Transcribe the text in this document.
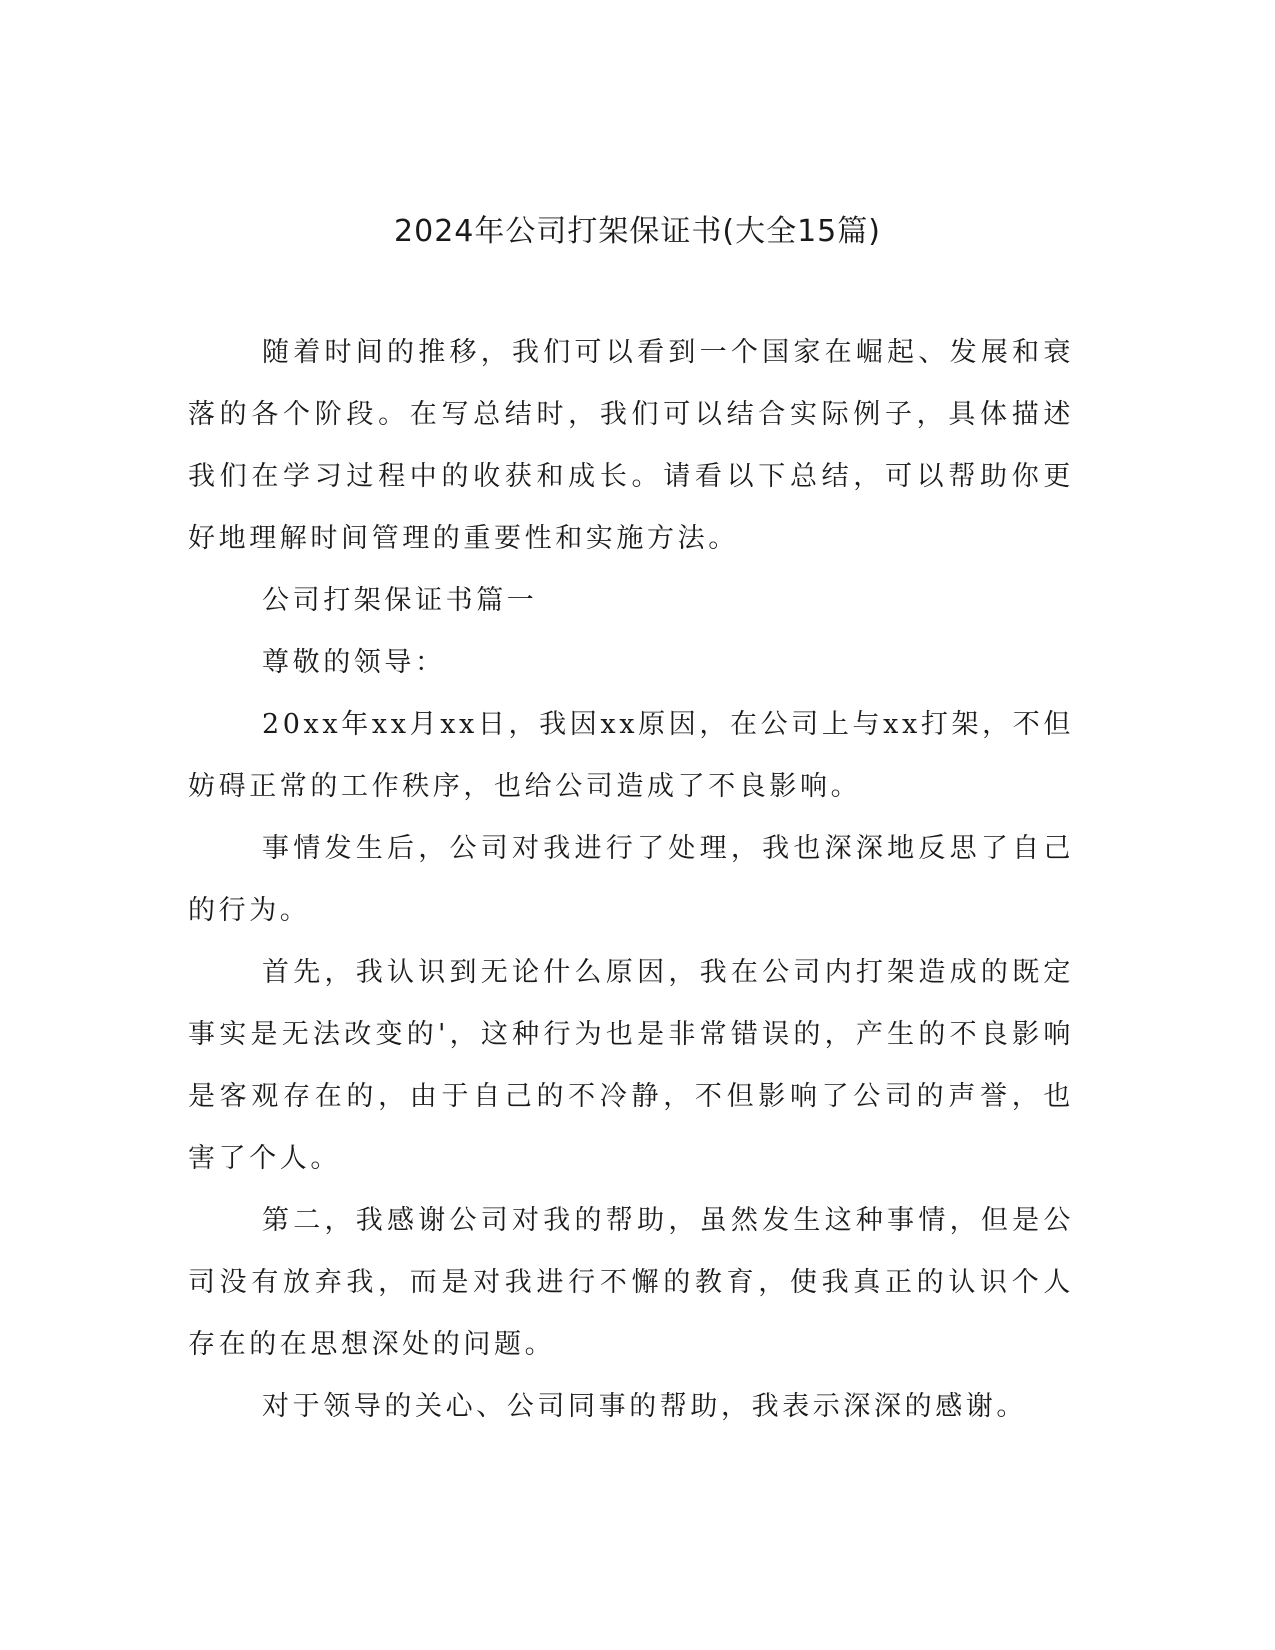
2024年公司打架保证书(大全15篇)

随着时间的推移，我们可以看到一个国家在崛起、发展和衰落的各个阶段。在写总结时，我们可以结合实际例子，具体描述我们在学习过程中的收获和成长。请看以下总结，可以帮助你更好地理解时间管理的重要性和实施方法。

公司打架保证书篇一

尊敬的领导：

20xx年xx月xx日，我因xx原因，在公司上与xx打架，不但妨碍正常的工作秩序，也给公司造成了不良影响。

事情发生后，公司对我进行了处理，我也深深地反思了自己的行为。

首先，我认识到无论什么原因，我在公司内打架造成的既定事实是无法改变的'，这种行为也是非常错误的，产生的不良影响是客观存在的，由于自己的不冷静，不但影响了公司的声誉，也害了个人。

第二，我感谢公司对我的帮助，虽然发生这种事情，但是公司没有放弃我，而是对我进行不懈的教育，使我真正的认识个人存在的在思想深处的问题。

对于领导的关心、公司同事的帮助，我表示深深的感谢。
